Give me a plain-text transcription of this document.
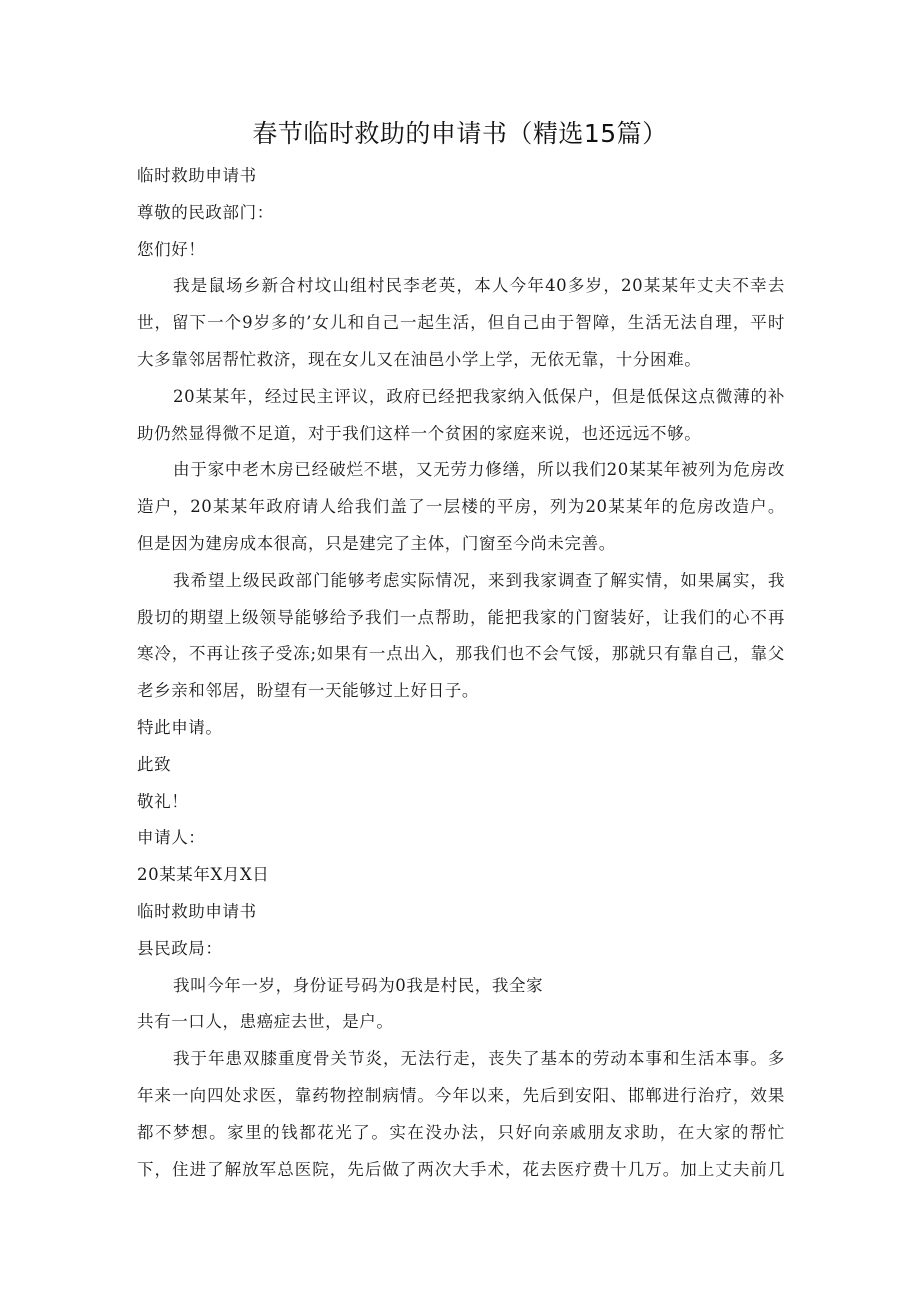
春节临时救助的申请书（精选15篇）

临时救助申请书

尊敬的民政部门：

您们好！

我是鼠场乡新合村坟山组村民李老英，本人今年40多岁，20某某年丈夫不幸去
世，留下一个9岁多的’女儿和自己一起生活，但自己由于智障，生活无法自理，平时
大多靠邻居帮忙救济，现在女儿又在油邑小学上学，无依无靠，十分困难。

20某某年，经过民主评议，政府已经把我家纳入低保户，但是低保这点微薄的补
助仍然显得微不足道，对于我们这样一个贫困的家庭来说，也还远远不够。

由于家中老木房已经破烂不堪，又无劳力修缮，所以我们20某某年被列为危房改
造户，20某某年政府请人给我们盖了一层楼的平房，列为20某某年的危房改造户。
但是因为建房成本很高，只是建完了主体，门窗至今尚未完善。

我希望上级民政部门能够考虑实际情况，来到我家调查了解实情，如果属实，我
殷切的期望上级领导能够给予我们一点帮助，能把我家的门窗装好，让我们的心不再
寒冷，不再让孩子受冻;如果有一点出入，那我们也不会气馁，那就只有靠自己，靠父
老乡亲和邻居，盼望有一天能够过上好日子。

特此申请。

此致

敬礼！

申请人：

20某某年X月X日

临时救助申请书

县民政局：

我叫今年一岁，身份证号码为0我是村民，我全家
共有一口人，患癌症去世，是户。

我于年患双膝重度骨关节炎，无法行走，丧失了基本的劳动本事和生活本事。多
年来一向四处求医，靠药物控制病情。今年以来，先后到安阳、邯郸进行治疗，效果
都不梦想。家里的钱都花光了。实在没办法，只好向亲戚朋友求助，在大家的帮忙
下，住进了解放军总医院，先后做了两次大手术，花去医疗费十几万。加上丈夫前几
